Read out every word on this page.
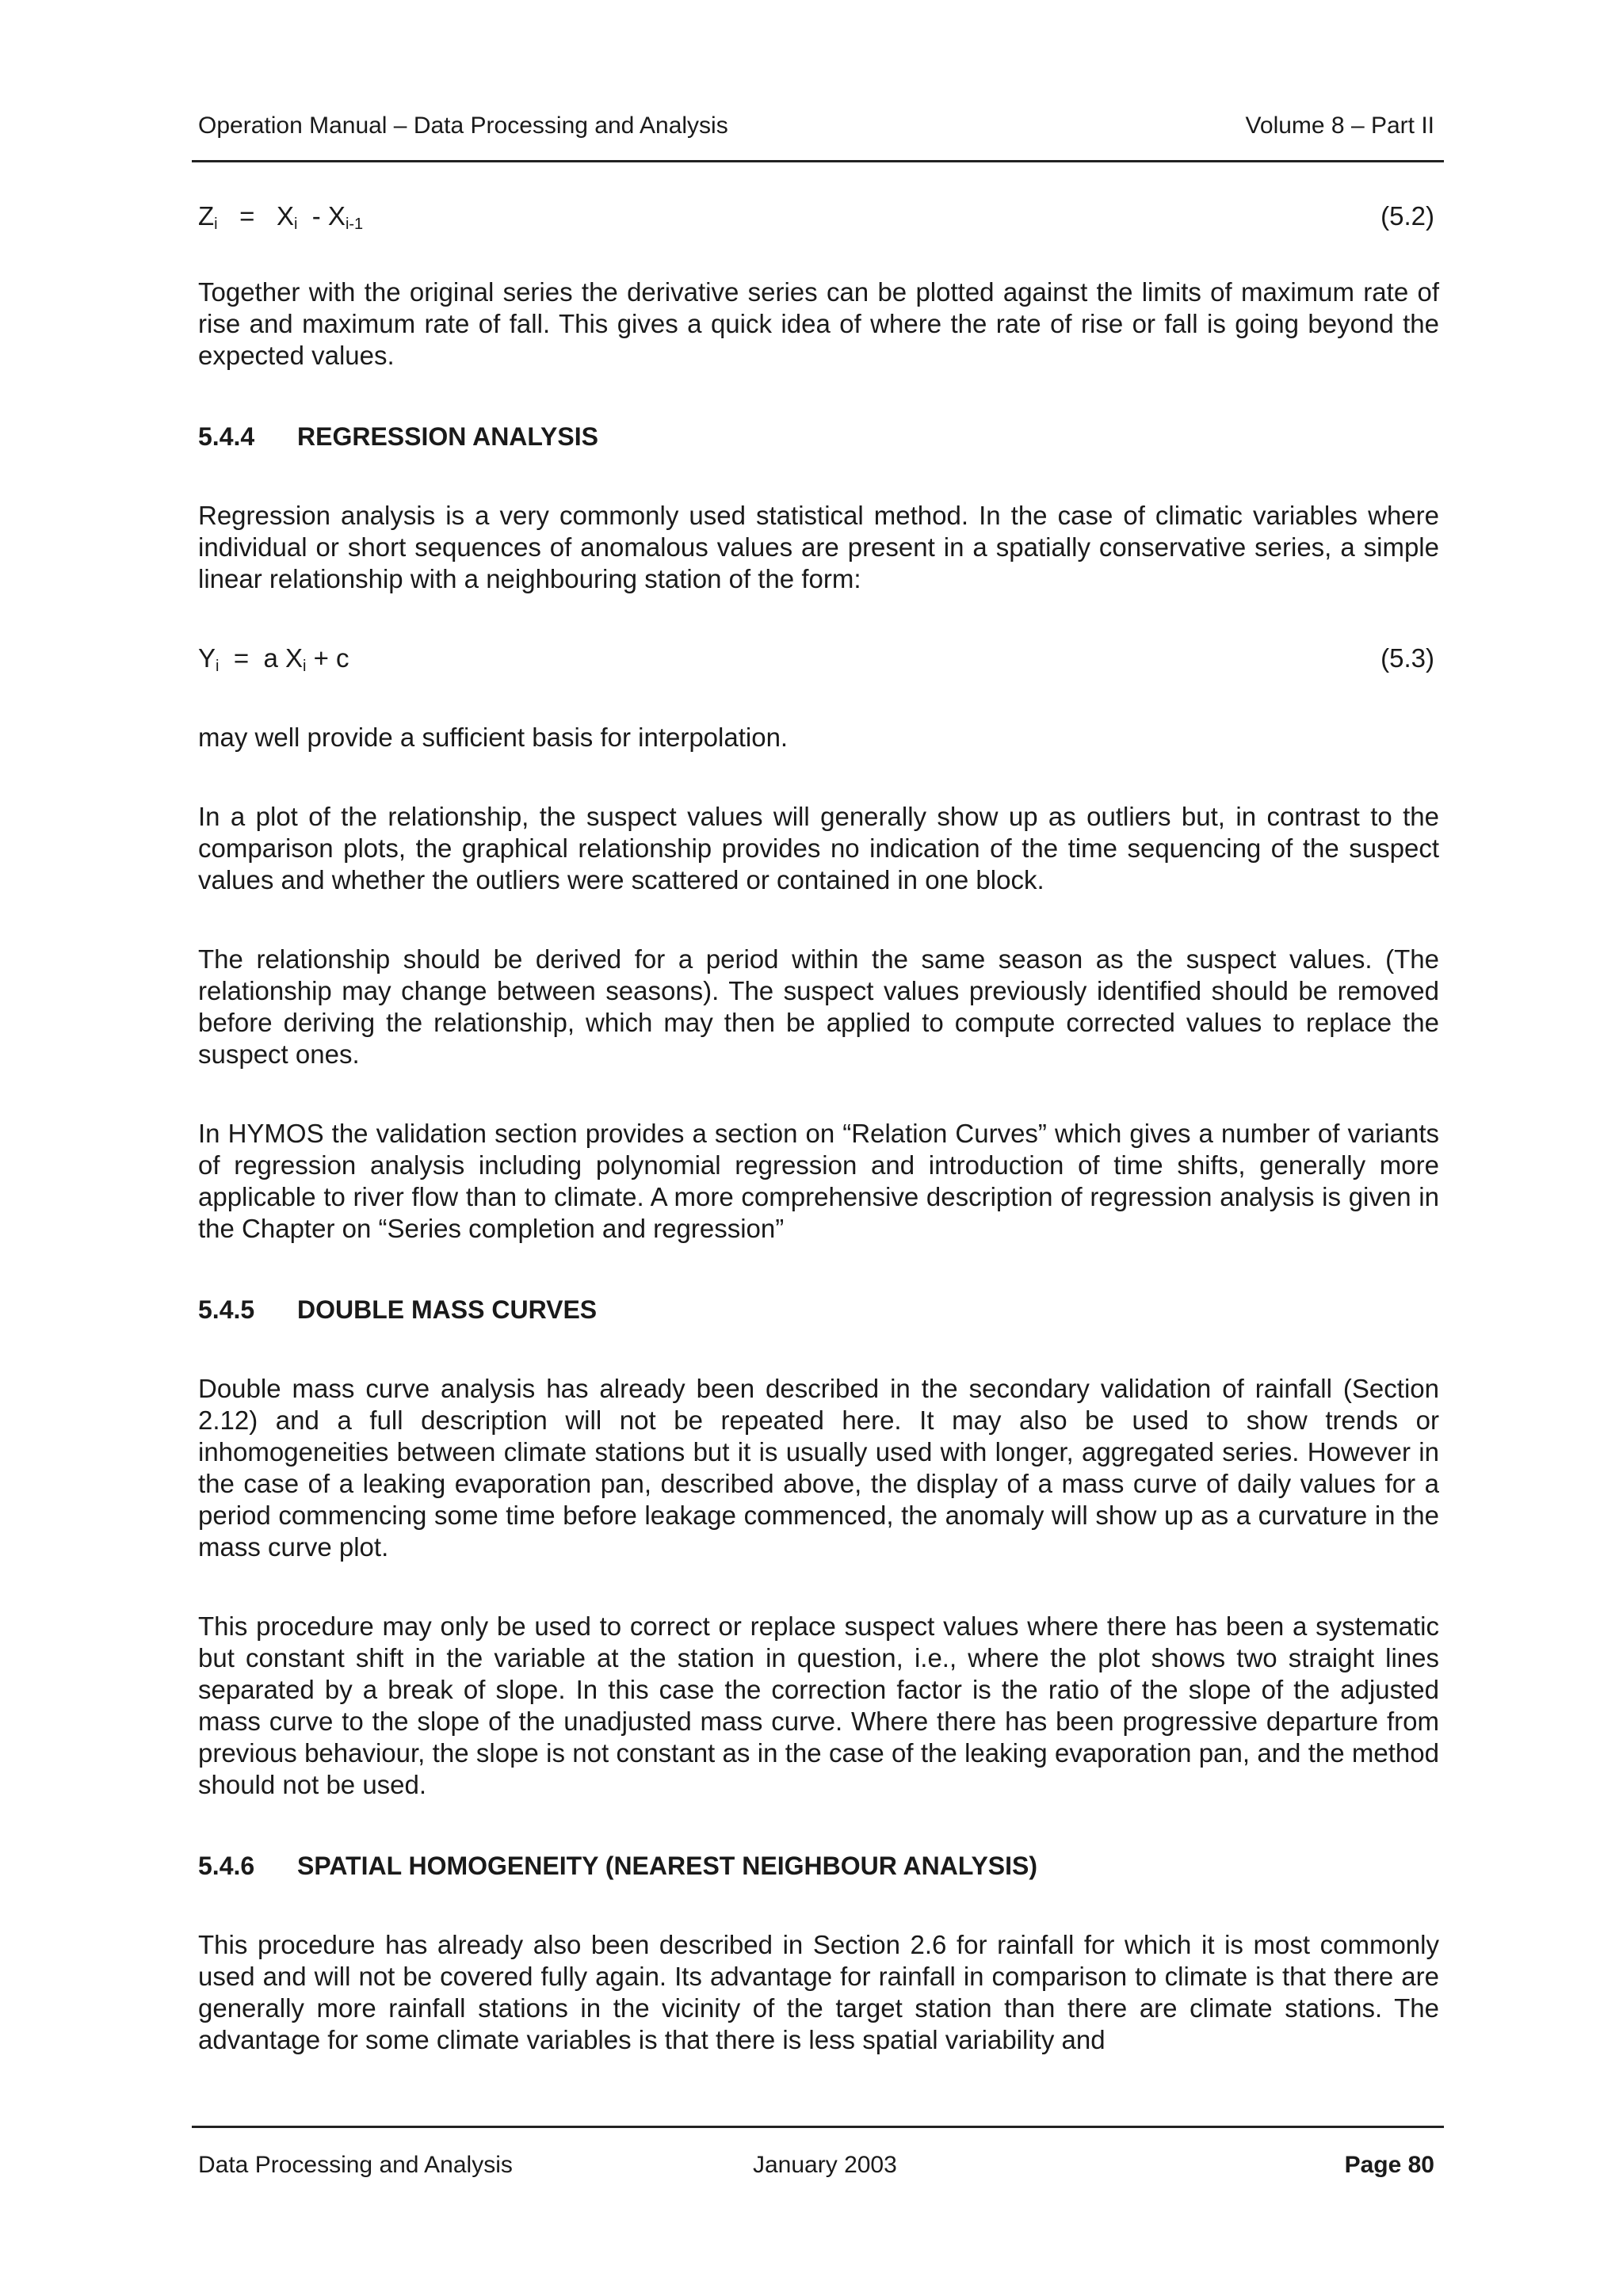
Operation Manual – Data Processing and Analysis	Volume 8 – Part II
$Z_i = X_i - X_{i-1}$	(5.2)

Together with the original series the derivative series can be plotted against the limits of maximum rate of rise and maximum rate of fall. This gives a quick idea of where the rate of rise or fall is going beyond the expected values.

5.4.4 REGRESSION ANALYSIS

Regression analysis is a very commonly used statistical method. In the case of climatic variables where individual or short sequences of anomalous values are present in a spatially conservative series, a simple linear relationship with a neighbouring station of the form:

$Y_i = a$ $X_i + c$	(5.3)

may well provide a sufficient basis for interpolation.

In a plot of the relationship, the suspect values will generally show up as outliers but, in contrast to the comparison plots, the graphical relationship provides no indication of the time sequencing of the suspect values and whether the outliers were scattered or contained in one block.

The relationship should be derived for a period within the same season as the suspect values. (The relationship may change between seasons). The suspect values previously identified should be removed before deriving the relationship, which may then be applied to compute corrected values to replace the suspect ones.

In HYMOS the validation section provides a section on “Relation Curves” which gives a number of variants of regression analysis including polynomial regression and introduction of time shifts, generally more applicable to river flow than to climate. A more comprehensive description of regression analysis is given in the Chapter on “Series completion and regression”

5.4.5 DOUBLE MASS CURVES

Double mass curve analysis has already been described in the secondary validation of rainfall (Section 2.12) and a full description will not be repeated here. It may also be used to show trends or inhomogeneities between climate stations but it is usually used with longer, aggregated series. However in the case of a leaking evaporation pan, described above, the display of a mass curve of daily values for a period commencing some time before leakage commenced, the anomaly will show up as a curvature in the mass curve plot.

This procedure may only be used to correct or replace suspect values where there has been a systematic but constant shift in the variable at the station in question, i.e., where the plot shows two straight lines separated by a break of slope. In this case the correction factor is the ratio of the slope of the adjusted mass curve to the slope of the unadjusted mass curve. Where there has been progressive departure from previous behaviour, the slope is not constant as in the case of the leaking evaporation pan, and the method should not be used.

5.4.6 SPATIAL HOMOGENEITY (NEAREST NEIGHBOUR ANALYSIS)

This procedure has already also been described in Section 2.6 for rainfall for which it is most commonly used and will not be covered fully again. Its advantage for rainfall in comparison to climate is that there are generally more rainfall stations in the vicinity of the target station than there are climate stations. The advantage for some climate variables is that there is less spatial variability and

Data Processing and Analysis	January 2003	Page 80
